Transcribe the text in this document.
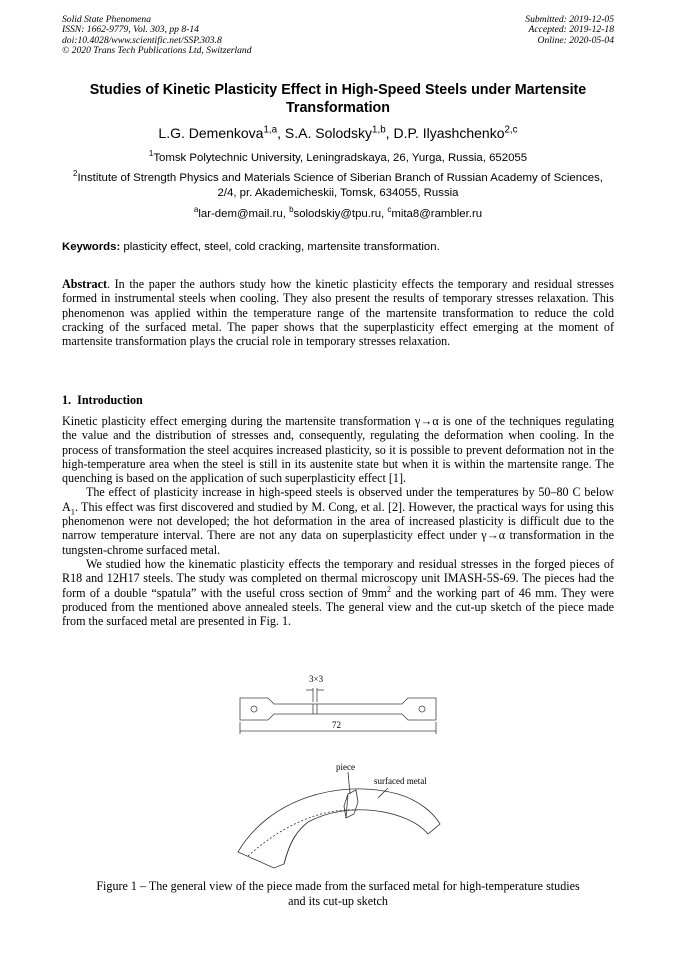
Solid State Phenomena
ISSN: 1662-9779, Vol. 303, pp 8-14
doi:10.4028/www.scientific.net/SSP.303.8
© 2020 Trans Tech Publications Ltd, Switzerland
Submitted: 2019-12-05
Accepted: 2019-12-18
Online: 2020-05-04
Studies of Kinetic Plasticity Effect in High-Speed Steels under Martensite Transformation
L.G. Demenkova$^{1,a}$, S.A. Solodsky$^{1,b}$, D.P. Ilyashchenko$^{2,c}$
$^1$Tomsk Polytechnic University, Leningradskaya, 26, Yurga, Russia, 652055
$^2$Institute of Strength Physics and Materials Science of Siberian Branch of Russian Academy of Sciences, 2/4, pr. Akademicheskii, Tomsk, 634055, Russia
$^a$lar-dem@mail.ru, $^b$solodskiy@tpu.ru, $^c$mita8@rambler.ru
Keywords: plasticity effect, steel, cold cracking, martensite transformation.
Abstract. In the paper the authors study how the kinetic plasticity effects the temporary and residual stresses formed in instrumental steels when cooling. They also present the results of temporary stresses relaxation. This phenomenon was applied within the temperature range of the martensite transformation to reduce the cold cracking of the surfaced metal. The paper shows that the superplasticity effect emerging at the moment of martensite transformation plays the crucial role in temporary stresses relaxation.
1. Introduction

Kinetic plasticity effect emerging during the martensite transformation γ→α is one of the techniques regulating the value and the distribution of stresses and, consequently, regulating the deformation when cooling. In the process of transformation the steel acquires increased plasticity, so it is possible to prevent deformation not in the high-temperature area when the steel is still in its austenite state but when it is within the martensite range. The quenching is based on the application of such superplasticity effect [1].

The effect of plasticity increase in high-speed steels is observed under the temperatures by 50–80 C below $A_1$. This effect was first discovered and studied by M. Cong, et al. [2]. However, the practical ways for using this phenomenon were not developed; the hot deformation in the area of increased plasticity is difficult due to the narrow temperature interval. There are not any data on superplasticity effect under γ→α transformation in the tungsten-chrome surfaced metal.

We studied how the kinematic plasticity effects the temporary and residual stresses in the forged pieces of R18 and 12H17 steels. The study was completed on thermal microscopy unit IMASH-5S-69. The pieces had the form of a double “spatula” with the useful cross section of $9mm^2$ and the working part of 46 mm. They were produced from the mentioned above annealed steels. The general view and the cut-up sketch of the piece made from the surfaced metal are presented in Fig. 1.

3×3
72
piece
surfaced metal
Figure 1 – The general view of the piece made from the surfaced metal for high-temperature studies
and its cut-up sketch
